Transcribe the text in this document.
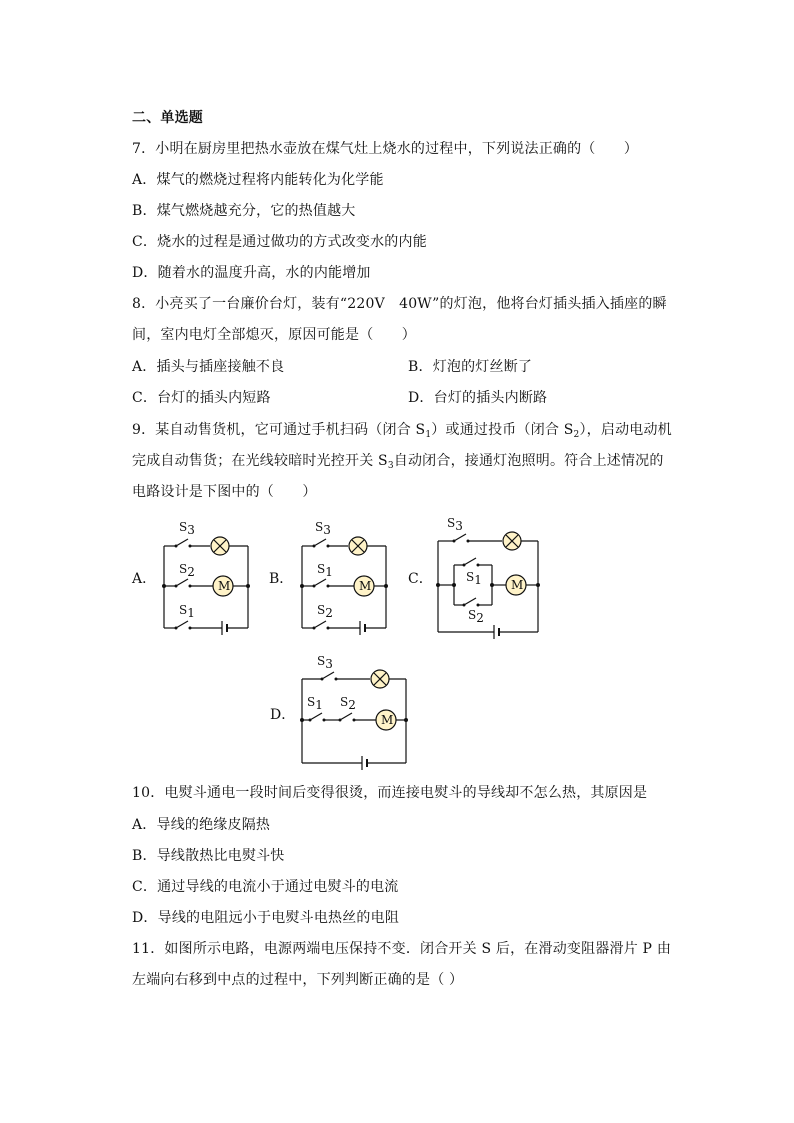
二、单选题
7．小明在厨房里把热水壶放在煤气灶上烧水的过程中，下列说法正确的（　　）
A．煤气的燃烧过程将内能转化为化学能
B．煤气燃烧越充分，它的热值越大
C．烧水的过程是通过做功的方式改变水的内能
D．随着水的温度升高，水的内能增加
8．小亮买了一台廉价台灯，装有“220V　40W”的灯泡，他将台灯插头插入插座的瞬
间，室内电灯全部熄灭，原因可能是（　　）
A．插头与插座接触不良	B．灯泡的灯丝断了
C．台灯的插头内短路	D．台灯的插头内断路
9．某自动售货机，它可通过手机扫码（闭合 $S_1$）或通过投币（闭合 $S_2$），启动电动机
完成自动售货；在光线较暗时光控开关 $S_3$自动闭合，接通灯泡照明。符合上述情况的
电路设计是下图中的（　　）
A．
S3
S2
S1
M	B．
S3
S1
S2
M	C．
S3
S1
S2
M
D．
S3
S1 S2
M
10．电熨斗通电一段时间后变得很烫，而连接电熨斗的导线却不怎么热，其原因是
A．导线的绝缘皮隔热
B．导线散热比电熨斗快
C．通过导线的电流小于通过电熨斗的电流
D．导线的电阻远小于电熨斗电热丝的电阻
11．如图所示电路，电源两端电压保持不变．闭合开关 S 后，在滑动变阻器滑片 P 由
左端向右移到中点的过程中，下列判断正确的是（ ）
